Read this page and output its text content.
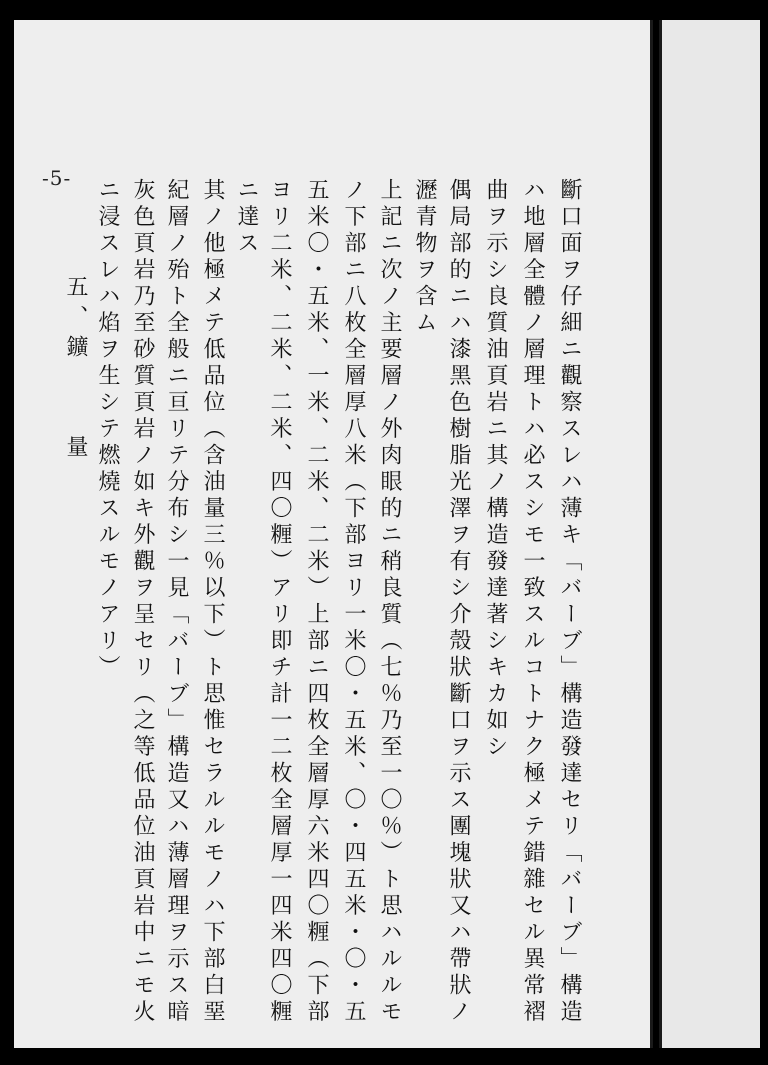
-5-	斷口面ヲ仔細ニ觀察スレハ薄キ「バーブ」構造發達セリ「バーブ」構造
ハ地層全體ノ層理トハ必スシモ一致スルコトナク極メテ錯雜セル異常褶
曲ヲ示シ良質油頁岩ニ其ノ構造發達著シキカ如シ
偶局部的ニハ漆黑色樹脂光澤ヲ有シ介殼狀斷口ヲ示ス團塊狀又ハ帶狀ノ
瀝青物ヲ含ム
上記ニ次ノ主要層ノ外肉眼的ニ稍良質（七％乃至一〇％）ト思ハルルモ
ノ下部ニ八枚全層厚八米（下部ヨリ一米〇・五米、〇・四五米・〇・五
五米〇・五米、一米、二米、二米）上部ニ四枚全層厚六米四〇糎（下部
ヨリ二米、二米、二米、四〇糎）アリ即チ計一二枚全層厚一四米四〇糎
ニ達ス
其ノ他極メテ低品位（含油量三％以下）ト思惟セラルルモノハ下部白堊
紀層ノ殆ト全般ニ亘リテ分布シ一見「バーブ」構造又ハ薄層理ヲ示ス暗
灰色頁岩乃至砂質頁岩ノ如キ外觀ヲ呈セリ（之等低品位油頁岩中ニモ火
ニ浸スレハ焰ヲ生シテ燃燒スルモノアリ）
五、鑛
量
